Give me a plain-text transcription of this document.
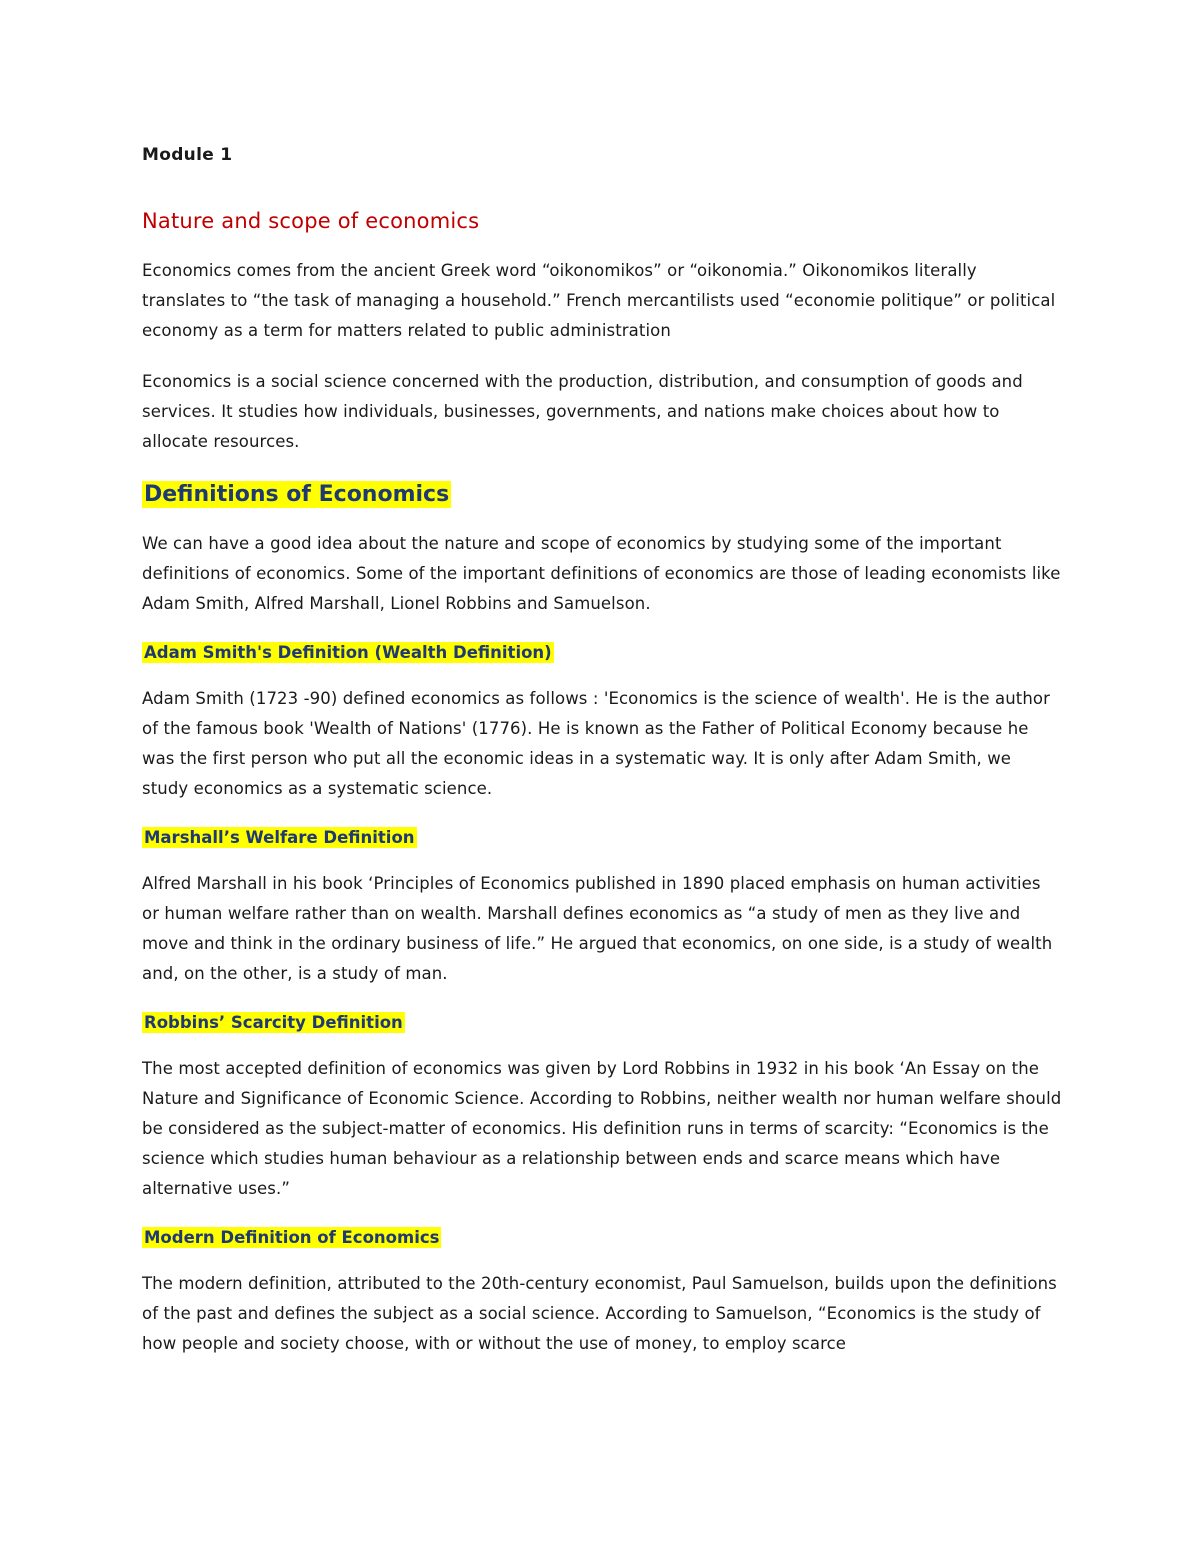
Module 1
Nature and scope of economics

Economics comes from the ancient Greek word “oikonomikos” or “oikonomia.” Oikonomikos literally translates to “the task of managing a household.” French mercantilists used “economie politique” or political economy as a term for matters related to public administration

Economics is a social science concerned with the production, distribution, and consumption of goods and services. It studies how individuals, businesses, governments, and nations make choices about how to allocate resources.

Definitions of Economics

We can have a good idea about the nature and scope of economics by studying some of the important definitions of economics. Some of the important definitions of economics are those of leading economists like Adam Smith, Alfred Marshall, Lionel Robbins and Samuelson.

Adam Smith's Definition (Wealth Definition)

Adam Smith (1723 -90) defined economics as follows : 'Economics is the science of wealth'. He is the author of the famous book 'Wealth of Nations' (1776). He is known as the Father of Political Economy because he was the first person who put all the economic ideas in a systematic way. It is only after Adam Smith, we study economics as a systematic science.

Marshall’s Welfare Definition

Alfred Marshall in his book ‘Principles of Economics published in 1890 placed emphasis on human activities or human welfare rather than on wealth. Marshall defines economics as “a study of men as they live and move and think in the ordinary business of life.” He argued that economics, on one side, is a study of wealth and, on the other, is a study of man.

Robbins’ Scarcity Definition

The most accepted definition of economics was given by Lord Robbins in 1932 in his book ‘An Essay on the Nature and Significance of Economic Science. According to Robbins, neither wealth nor human welfare should be considered as the subject-matter of economics. His definition runs in terms of scarcity: “Economics is the science which studies human behaviour as a relationship between ends and scarce means which have alternative uses.”

Modern Definition of Economics

The modern definition, attributed to the 20th-century economist, Paul Samuelson, builds upon the definitions of the past and defines the subject as a social science. According to Samuelson, “Economics is the study of how people and society choose, with or without the use of money, to employ scarce
